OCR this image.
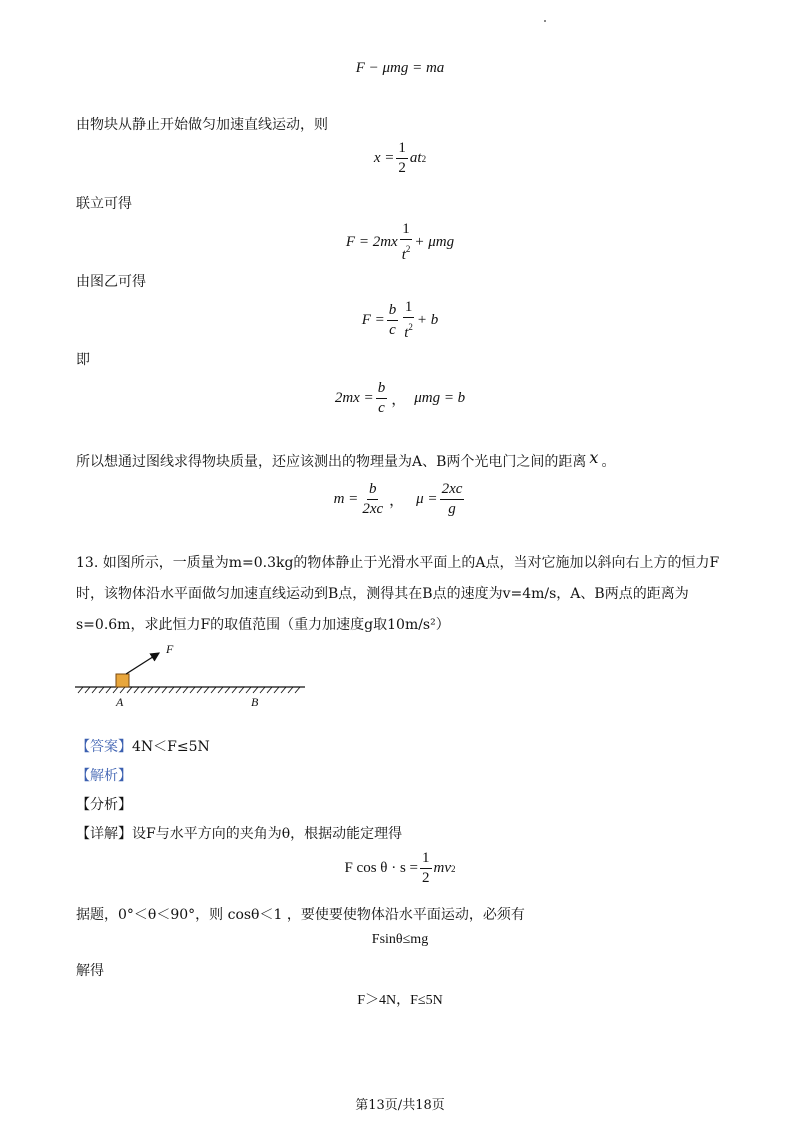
F − μmg = ma
由物块从静止开始做匀加速直线运动，则
$x = \frac{1}{2}$ at 2
联立可得
$F = 2mx \frac{1}{t^2} + \mu mg$
由图乙可得
$F = \frac{b}{c} \frac{1}{t^2} + b$
即
$2mx = \frac{b}{c}$ ， μmg = b
所以想通过图线求得物块质量，还应该测出的物理量为A、B两个光电门之间的距离 x 。
$m = \frac{b}{2xc}$ ， $\mu = \frac{2xc}{g}$
13. 如图所示，一质量为m=0.3kg的物体静止于光滑水平面上的A点，当对它施加以斜向右上方的恒力F
时，该物体沿水平面做匀加速直线运动到B点，测得其在B点的速度为v=4m/s，A、B两点的距离为
s=0.6m，求此恒力F的取值范围（重力加速度g取10m/s²）
F
A	B
【答案】4N＜F≤5N
【解析】
【分析】
【详解】设F与水平方向的夹角为θ，根据动能定理得
F $\cos \theta \cdot s = \frac{1}{2}$ mv 2
据题，0°＜θ＜90°，则 cosθ＜1 ，要使要使物体沿水平面运动，必须有
Fsinθ≤mg
解得
F＞4N，F≤5N
第13页/共18页
